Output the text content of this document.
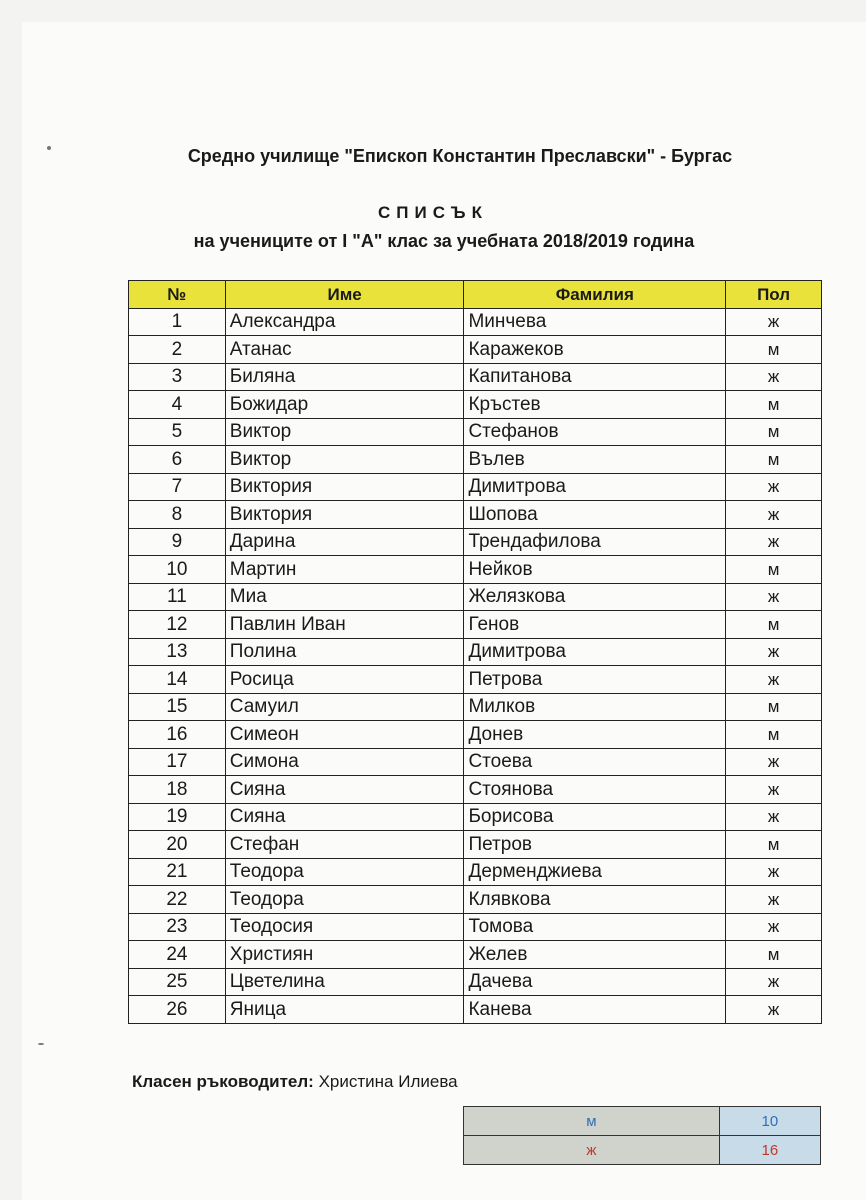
Средно училище "Епископ Константин Преславски" - Бургас
СПИСЪК
на учениците от I "А" клас за учебната 2018/2019 година
№	Име	Фамилия	Пол
1	Александра	Минчева	ж
2	Атанас	Каражеков	м
3	Биляна	Капитанова	ж
4	Божидар	Кръстев	м
5	Виктор	Стефанов	м
6	Виктор	Вълев	м
7	Виктория	Димитрова	ж
8	Виктория	Шопова	ж
9	Дарина	Трендафилова	ж
10	Мартин	Нейков	м
11	Миа	Желязкова	ж
12	Павлин Иван	Генов	м
13	Полина	Димитрова	ж
14	Росица	Петрова	ж
15	Самуил	Милков	м
16	Симеон	Донев	м
17	Симона	Стоева	ж
18	Сияна	Стоянова	ж
19	Сияна	Борисова	ж
20	Стефан	Петров	м
21	Теодора	Дерменджиева	ж
22	Теодора	Клявкова	ж
23	Теодосия	Томова	ж
24	Християн	Желев	м
25	Цветелина	Дачева	ж
26	Яница	Канева	ж
Класен ръководител: Христина Илиева
м	10
ж	16
